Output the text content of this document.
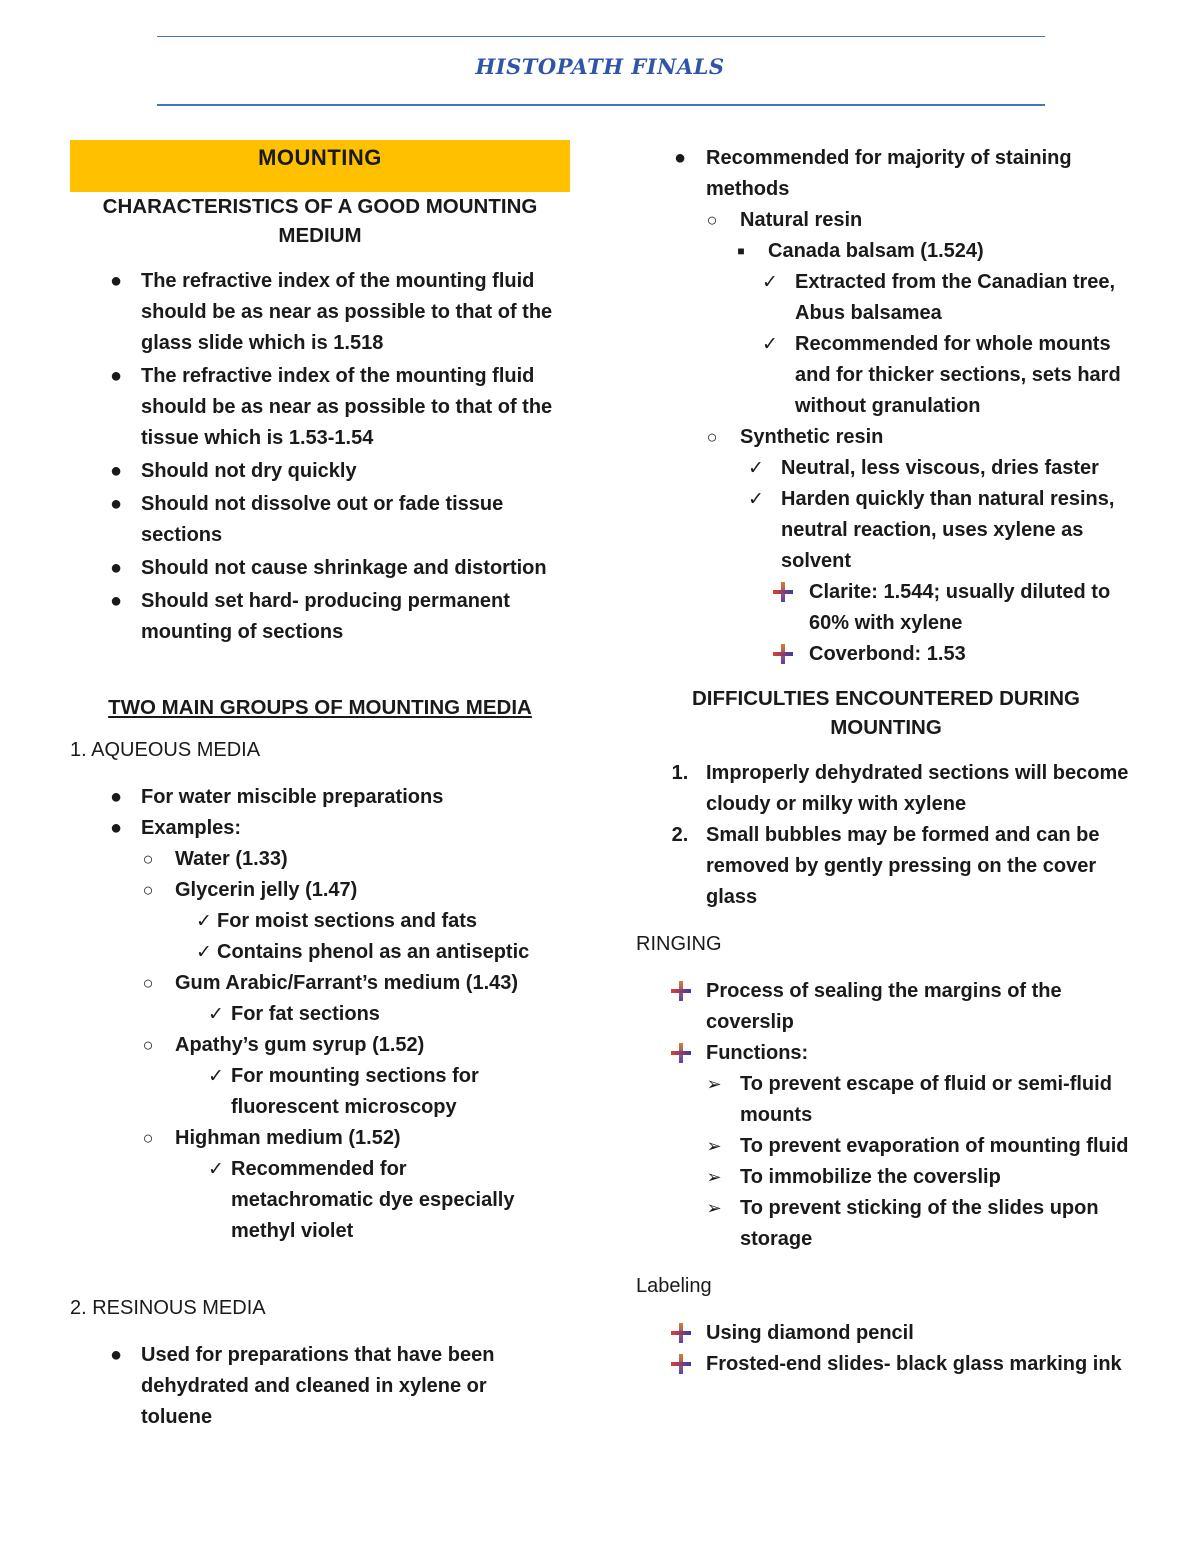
HISTOPATH FINALS
MOUNTING
CHARACTERISTICS OF A GOOD MOUNTING MEDIUM
● The refractive index of the mounting fluid should be as near as possible to that of the glass slide which is 1.518
● The refractive index of the mounting fluid should be as near as possible to that of the tissue which is 1.53-1.54
● Should not dry quickly
● Should not dissolve out or fade tissue sections
● Should not cause shrinkage and distortion
● Should set hard- producing permanent mounting of sections
TWO MAIN GROUPS OF MOUNTING MEDIA
1. AQUEOUS MEDIA
● For water miscible preparations
● Examples:
○ Water (1.33)
○ Glycerin jelly (1.47)
✓ For moist sections and fats
✓ Contains phenol as an antiseptic
○ Gum Arabic/Farrant’s medium (1.43)
✓ For fat sections
○ Apathy’s gum syrup (1.52)
✓ For mounting sections for fluorescent microscopy
○ Highman medium (1.52)
✓ Recommended for metachromatic dye especially methyl violet
2. RESINOUS MEDIA
● Used for preparations that have been dehydrated and cleaned in xylene or toluene
● Recommended for majority of staining methods
○ Natural resin
■	Canada balsam (1.524)
✓ Extracted from the Canadian tree, Abus balsamea
✓ Recommended for whole mounts and for thicker sections, sets hard without granulation
○ Synthetic resin
✓ Neutral, less viscous, dries faster
✓ Harden quickly than natural resins, neutral reaction, uses xylene as solvent
Clarite: 1.544; usually diluted to 60% with xylene
Coverbond: 1.53
DIFFICULTIES ENCOUNTERED DURING MOUNTING
1. Improperly dehydrated sections will become cloudy or milky with xylene
2. Small bubbles may be formed and can be removed by gently pressing on the cover glass
RINGING
Process of sealing the margins of the coverslip
Functions:
➢ To prevent escape of fluid or semi-fluid mounts
➢ To prevent evaporation of mounting fluid
➢ To immobilize the coverslip
➢ To prevent sticking of the slides upon storage
Labeling
Using diamond pencil
Frosted-end slides- black glass marking ink
